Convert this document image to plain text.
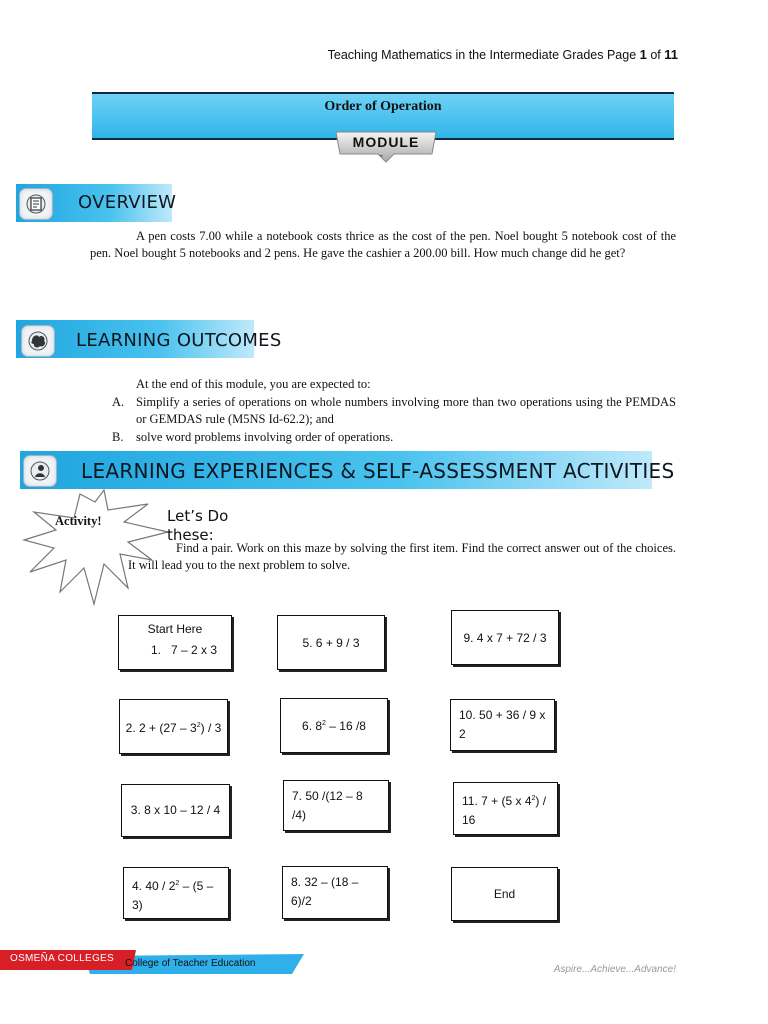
Teaching Mathematics in the Intermediate Grades Page 1 of 11
Order of Operation
MODULE
-
OVERVIEW
A pen costs 7.00 while a notebook costs thrice as the cost of the pen. Noel bought 5 notebook cost of the pen. Noel bought 5 notebooks and 2 pens. He gave the cashier a 200.00 bill. How much change did he get?
LEARNING OUTCOMES
At the end of this module, you are expected to:
A. Simplify a series of operations on whole numbers involving more than two operations using the PEMDAS or GEMDAS rule (M5NS Id-62.2); and
B.	solve word problems involving order of operations.
LEARNING EXPERIENCES & SELF-ASSESSMENT ACTIVITIES
Activity!	Let’s Do these:
Find a pair. Work on this maze by solving the first item. Find the correct answer out of the choices. It will lead you to the next problem to solve.
Start Here
1.   7 – 2 x 3
2. $2 + (27 - 3^2) / 3$
3. 8 x 10 – 12 / 4
4. $40 / 2^2 - (5 - 3)$
5. 6 + 9 / 3
6. $8^2 - 16$ /8
7. 50 /(12 – 8 /4)
8. 32 – (18 – 6)/2
9. 4 x 7 + 72 / 3
10. 50 + 36 / 9 x 2
11. 7 + (5 x $4^2) / 16$
End
OSMEÑA COLLEGES College of Teacher Education
Aspire...Achieve...Advance!
